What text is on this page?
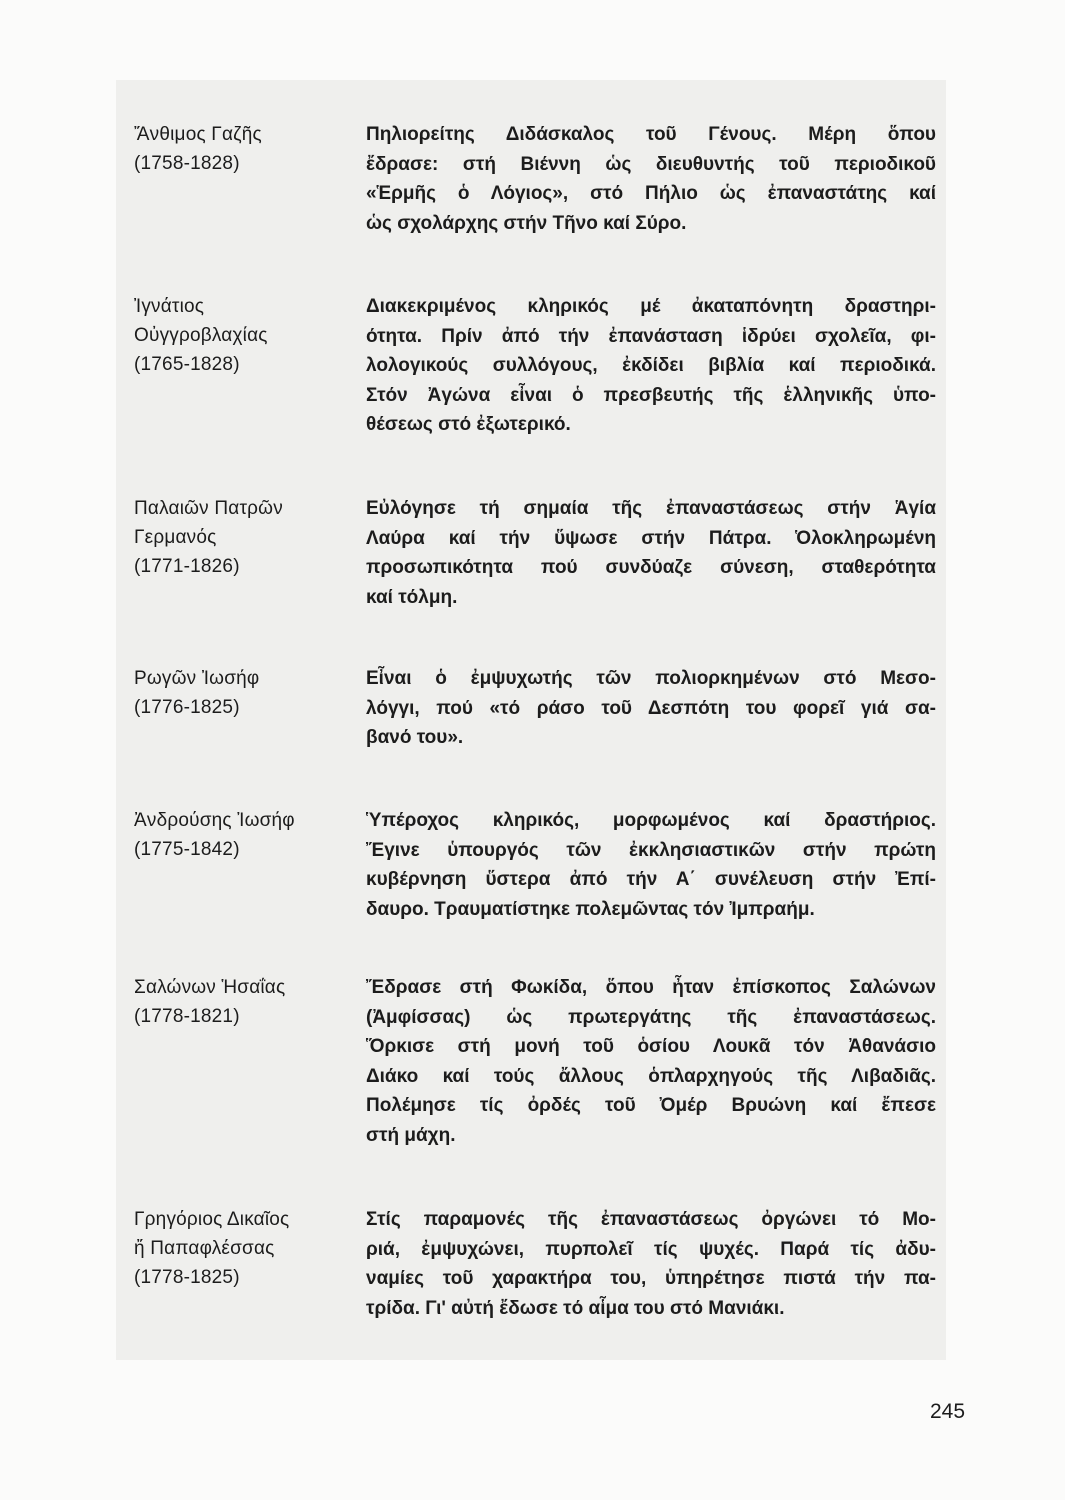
Ἄνθιμος Γαζῆς
(1758-1828)
Πηλιορείτης Διδάσκαλος τοῦ Γένους. Μέρη ὅπου
ἔδρασε: στή Βιέννη ὡς διευθυντής τοῦ περιοδικοῦ
«Ἑρμῆς ὁ Λόγιος», στό Πήλιο ὡς ἐπαναστάτης καί
ὡς σχολάρχης στήν Τῆνο καί Σύρο.
Ἰγνάτιος
Οὐγγροβλαχίας
(1765-1828)
Διακεκριμένος κληρικός μέ ἀκαταπόνητη δραστηρι-
ότητα. Πρίν ἀπό τήν ἐπανάσταση ἱδρύει σχολεῖα, φι-
λολογικούς συλλόγους, ἐκδίδει βιβλία καί περιοδικά.
Στόν Ἀγώνα εἶναι ὁ πρεσβευτής τῆς ἑλληνικῆς ὑπο-
θέσεως στό ἐξωτερικό.
Παλαιῶν Πατρῶν
Γερμανός
(1771-1826)
Εὐλόγησε τή σημαία τῆς ἐπαναστάσεως στήν Ἁγία
Λαύρα καί τήν ὕψωσε στήν Πάτρα. Ὁλοκληρωμένη
προσωπικότητα πού συνδύαζε σύνεση, σταθερότητα
καί τόλμη.
Ρωγῶν Ἰωσήφ
(1776-1825)
Εἶναι ὁ ἐμψυχωτής τῶν πολιορκημένων στό Μεσο-
λόγγι, πού «τό ράσο τοῦ Δεσπότη του φορεῖ γιά σα-
βανό του».
Ἀνδρούσης Ἰωσήφ
(1775-1842)
Ὑπέροχος κληρικός, μορφωμένος καί δραστήριος.
Ἔγινε ὑπουργός τῶν ἐκκλησιαστικῶν στήν πρώτη
κυβέρνηση ὕστερα ἀπό τήν Α΄ συνέλευση στήν Ἐπί-
δαυρο. Τραυματίστηκε πολεμῶντας τόν Ἰμπραήμ.
Σαλώνων Ἡσαΐας
(1778-1821)
Ἔδρασε στή Φωκίδα, ὅπου ἦταν ἐπίσκοπος Σαλώνων
(Ἀμφίσσας) ὡς πρωτεργάτης τῆς ἐπαναστάσεως.
Ὅρκισε στή μονή τοῦ ὁσίου Λουκᾶ τόν Ἀθανάσιο
Διάκο καί τούς ἄλλους ὁπλαρχηγούς τῆς Λιβαδιᾶς.
Πολέμησε τίς ὀρδές τοῦ Ὀμέρ Βρυώνη καί ἔπεσε
στή μάχη.
Γρηγόριος Δικαῖος
ἤ Παπαφλέσσας
(1778-1825)
Στίς παραμονές τῆς ἐπαναστάσεως ὀργώνει τό Μο-
ριά, ἐμψυχώνει, πυρπολεῖ τίς ψυχές. Παρά τίς ἀδυ-
ναμίες τοῦ χαρακτήρα του, ὑπηρέτησε πιστά τήν πα-
τρίδα. Γι' αὐτή ἔδωσε τό αἷμα του στό Μανιάκι.
245
